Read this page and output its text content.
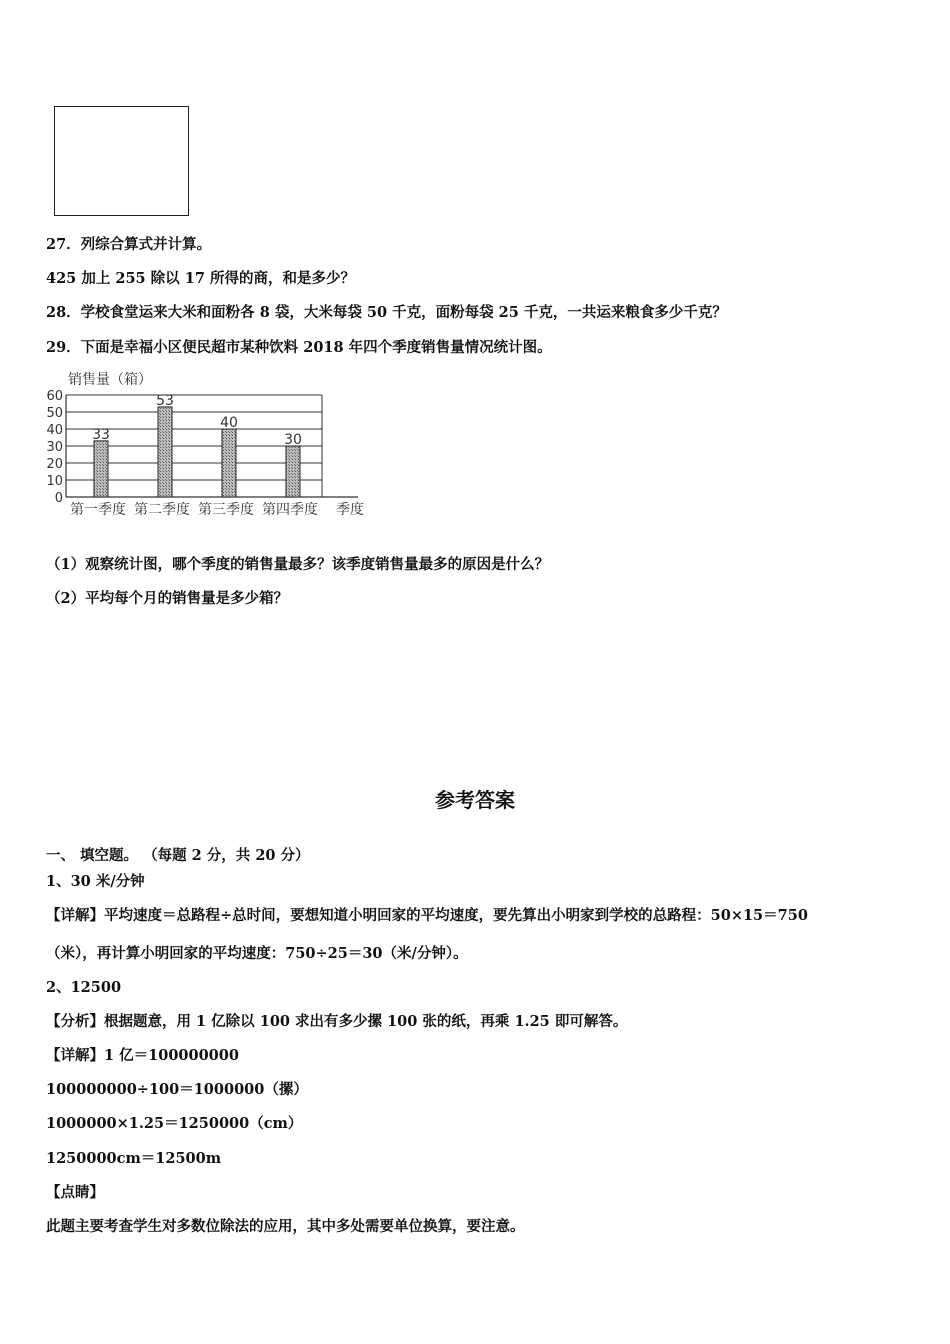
27．列综合算式并计算。
425 加上 255 除以 17 所得的商，和是多少？
28．学校食堂运来大米和面粉各 8 袋，大米每袋 50 千克，面粉每袋 25 千克，一共运来粮食多少千克？
29．下面是幸福小区便民超市某种饮料 2018 年四个季度销售量情况统计图。
销售量（箱）
0
10
20
30
40
50
60
33
53
40
30
第一季度 第二季度 第三季度 第四季度 季度
（1）观察统计图，哪个季度的销售量最多？该季度销售量最多的原因是什么？
（2）平均每个月的销售量是多少箱？
参考答案
一、 填空题。 （每题 2 分，共 20 分）
1、30 米/分钟
【详解】平均速度＝总路程÷总时间，要想知道小明回家的平均速度，要先算出小明家到学校的总路程：50×15＝750
（米），再计算小明回家的平均速度：750÷25＝30（米/分钟）。
2、12500
【分析】根据题意，用 1 亿除以 100 求出有多少摞 100 张的纸，再乘 1.25 即可解答。
【详解】1 亿＝100000000
100000000÷100＝1000000（摞）
1000000×1.25＝1250000（cm）
1250000cm＝12500m
【点睛】
此题主要考查学生对多数位除法的应用，其中多处需要单位换算，要注意。
